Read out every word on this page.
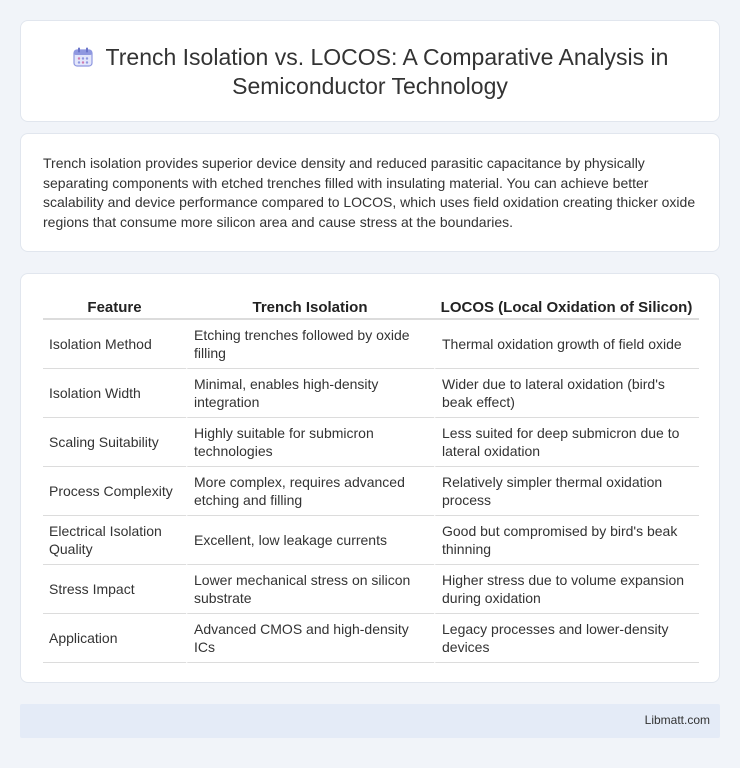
Trench Isolation vs. LOCOS: A Comparative Analysis in Semiconductor Technology

Trench isolation provides superior device density and reduced parasitic capacitance by physically separating components with etched trenches filled with insulating material. You can achieve better scalability and device performance compared to LOCOS, which uses field oxidation creating thicker oxide regions that consume more silicon area and cause stress at the boundaries.

Feature	Trench Isolation	LOCOS (Local Oxidation of Silicon)
Isolation Method	Etching trenches followed by oxide filling	Thermal oxidation growth of field oxide
Isolation Width	Minimal, enables high-density integration	Wider due to lateral oxidation (bird's beak effect)
Scaling Suitability	Highly suitable for submicron technologies	Less suited for deep submicron due to lateral oxidation
Process Complexity	More complex, requires advanced etching and filling	Relatively simpler thermal oxidation process
Electrical Isolation Quality	Excellent, low leakage currents	Good but compromised by bird's beak thinning
Stress Impact	Lower mechanical stress on silicon substrate	Higher stress due to volume expansion during oxidation
Application	Advanced CMOS and high-density ICs	Legacy processes and lower-density devices
Libmatt.com
